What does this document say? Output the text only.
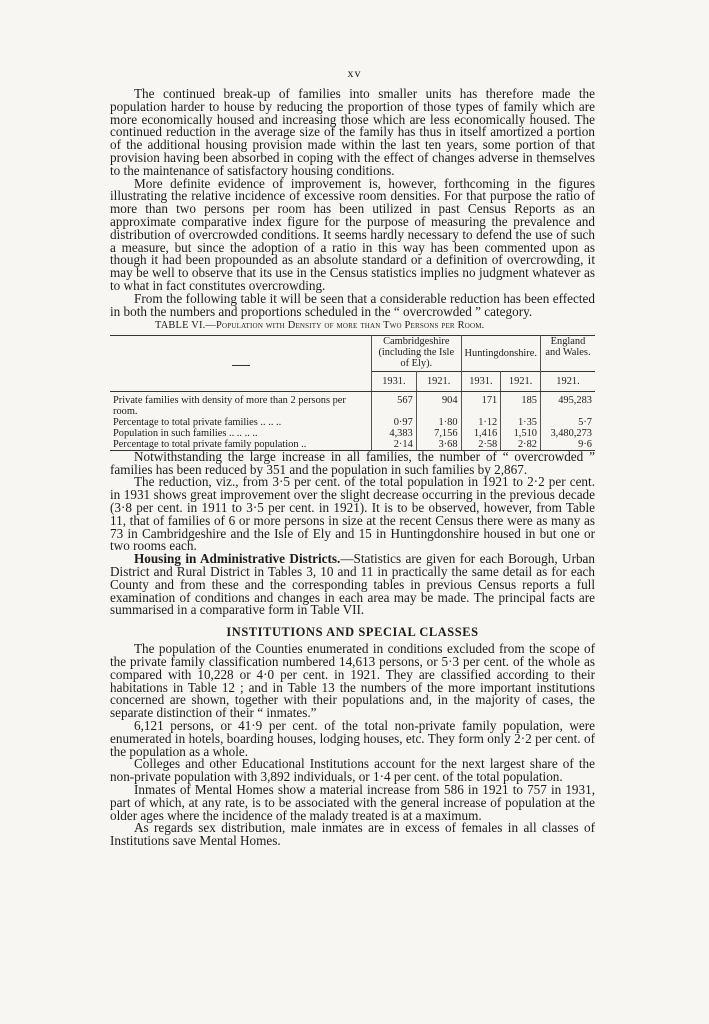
xv

The continued break-up of families into smaller units has therefore made the population harder to house by reducing the proportion of those types of family which are more economically housed and increasing those which are less economically housed. The continued reduction in the average size of the family has thus in itself amortized a portion of the additional housing provision made within the last ten years, some portion of that provision having been absorbed in coping with the effect of changes adverse in themselves to the maintenance of satisfactory housing conditions.

More definite evidence of improvement is, however, forthcoming in the figures illustrating the relative incidence of excessive room densities. For that purpose the ratio of more than two persons per room has been utilized in past Census Reports as an approximate comparative index figure for the purpose of measuring the prevalence and distribution of overcrowded conditions. It seems hardly necessary to defend the use of such a measure, but since the adoption of a ratio in this way has been commented upon as though it had been propounded as an absolute standard or a definition of overcrowding, it may be well to observe that its use in the Census statistics implies no judgment whatever as to what in fact constitutes overcrowding.

From the following table it will be seen that a considerable reduction has been effected in both the numbers and proportions scheduled in the “ overcrowded ” category.

TABLE VI.—Population with Density of more than Two Persons per Room.
	Cambridgeshire (including the Isle of Ely).		Huntingdonshire.		England and Wales.
	1931.	1921.	1931.	1921.	1921.
Private families with density of more than 2 persons per room.	567	904	171	185	495,283
Percentage to total private families .. .. ..	0·97	1·80	1·12	1·35	5·7
Population in such families .. .. .. ..	4,383	7,156	1,416	1,510	3,480,273
Percentage to total private family population ..	2·14	3·68	2·58	2·82	9·6

Notwithstanding the large increase in all families, the number of “ overcrowded ” families has been reduced by 351 and the population in such families by 2,867.

The reduction, viz., from 3·5 per cent. of the total population in 1921 to 2·2 per cent. in 1931 shows great improvement over the slight decrease occurring in the previous decade (3·8 per cent. in 1911 to 3·5 per cent. in 1921). It is to be observed, however, from Table 11, that of families of 6 or more persons in size at the recent Census there were as many as 73 in Cambridgeshire and the Isle of Ely and 15 in Huntingdonshire housed in but one or two rooms each.

Housing in Administrative Districts.—Statistics are given for each Borough, Urban District and Rural District in Tables 3, 10 and 11 in practically the same detail as for each County and from these and the corresponding tables in previous Census reports a full examination of conditions and changes in each area may be made. The principal facts are summarised in a comparative form in Table VII.

INSTITUTIONS AND SPECIAL CLASSES

The population of the Counties enumerated in conditions excluded from the scope of the private family classification numbered 14,613 persons, or 5·3 per cent. of the whole as compared with 10,228 or 4·0 per cent. in 1921. They are classified according to their habitations in Table 12 ; and in Table 13 the numbers of the more important institutions concerned are shown, together with their populations and, in the majority of cases, the separate distinction of their “ inmates.”

6,121 persons, or 41·9 per cent. of the total non-private family population, were enumerated in hotels, boarding houses, lodging houses, etc. They form only 2·2 per cent. of the population as a whole.

Colleges and other Educational Institutions account for the next largest share of the non-private population with 3,892 individuals, or 1·4 per cent. of the total population.

Inmates of Mental Homes show a material increase from 586 in 1921 to 757 in 1931, part of which, at any rate, is to be associated with the general increase of population at the older ages where the incidence of the malady treated is at a maximum.

As regards sex distribution, male inmates are in excess of females in all classes of Institutions save Mental Homes.
